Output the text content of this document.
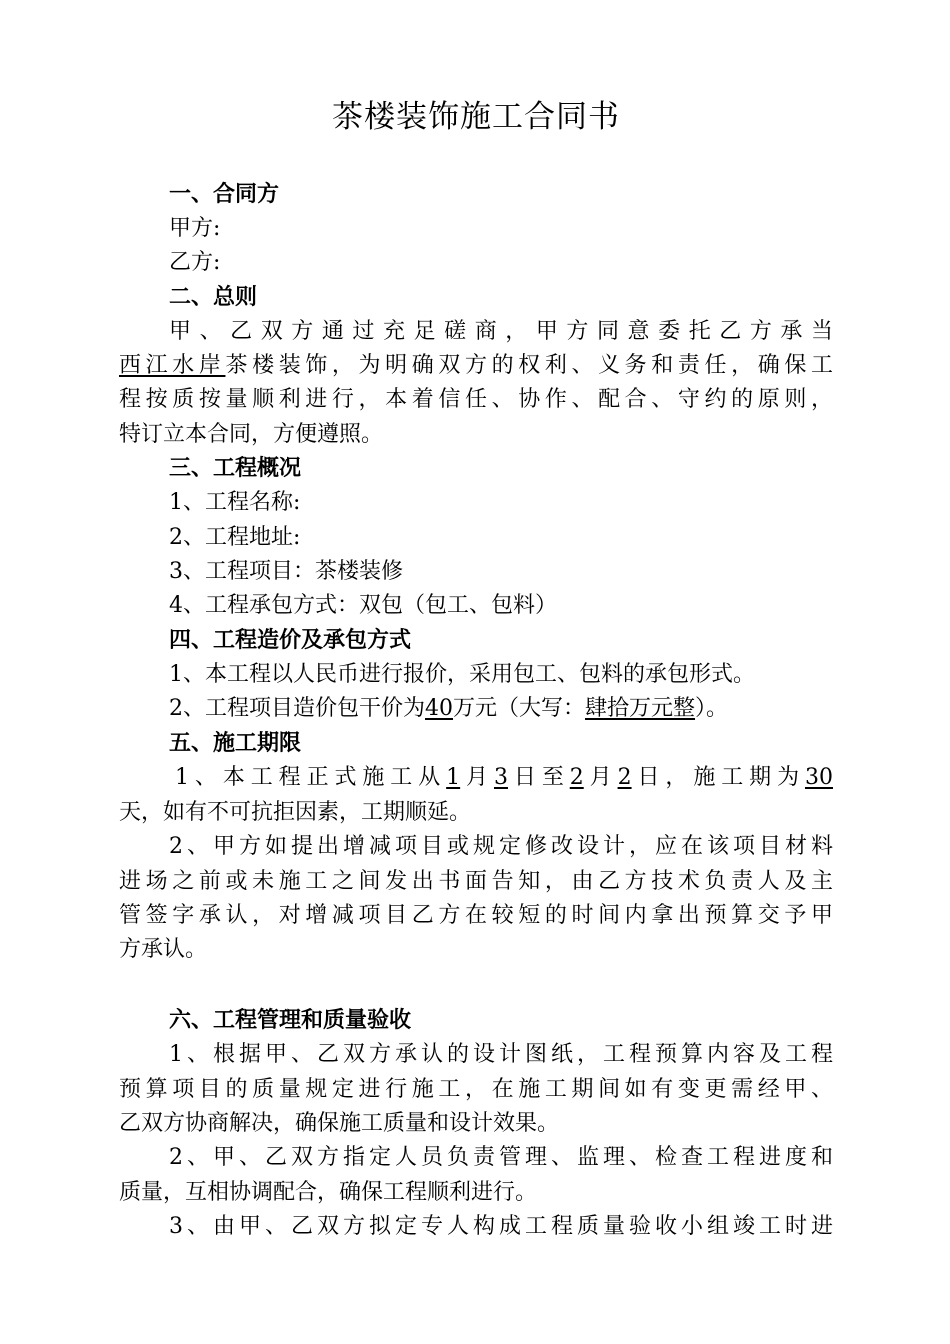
茶楼装饰施工合同书
一、合同方
甲方:
乙方:
二、总则
甲、乙双方通过充足磋商，甲方同意委托乙方承当
西江水岸茶楼装饰，为明确双方的权利、义务和责任，确保工
程按质按量顺利进行，本着信任、协作、配合、守约的原则，
特订立本合同，方便遵照。
三、工程概况
1、工程名称:
2、工程地址:
3、工程项目：茶楼装修
4、工程承包方式：双包（包工、包料）
四、工程造价及承包方式
1、本工程以人民币进行报价，采用包工、包料的承包形式。
2、工程项目造价包干价为40万元（大写：肆拾万元整）。
五、施工期限
1、本工程正式施工从1月3日至2月2日，施工期为30
天，如有不可抗拒因素，工期顺延。
2、甲方如提出增减项目或规定修改设计，应在该项目材料
进场之前或未施工之间发出书面告知，由乙方技术负责人及主
管签字承认，对增减项目乙方在较短的时间内拿出预算交予甲
方承认。
六、工程管理和质量验收
1、根据甲、乙双方承认的设计图纸，工程预算内容及工程
预算项目的质量规定进行施工，在施工期间如有变更需经甲、
乙双方协商解决，确保施工质量和设计效果。
2、甲、乙双方指定人员负责管理、监理、检查工程进度和
质量，互相协调配合，确保工程顺利进行。
3、由甲、乙双方拟定专人构成工程质量验收小组竣工时进
